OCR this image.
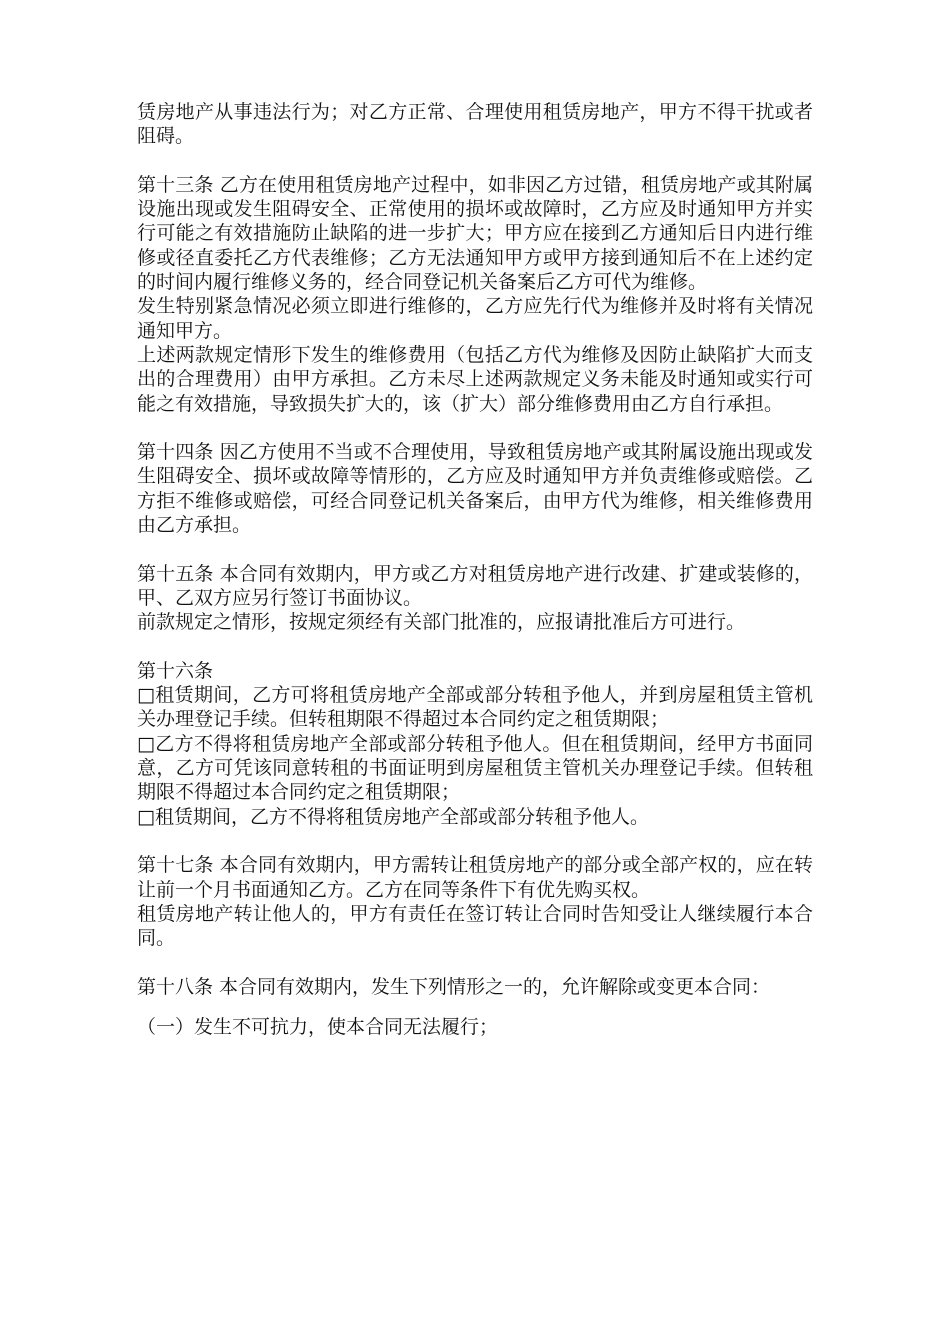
赁房地产从事违法行为；对乙方正常、合理使用租赁房地产，甲方不得干扰或者阻碍。

第十三条 乙方在使用租赁房地产过程中，如非因乙方过错，租赁房地产或其附属设施出现或发生阻碍安全、正常使用的损坏或故障时，乙方应及时通知甲方并实行可能之有效措施防止缺陷的进一步扩大；甲方应在接到乙方通知后日内进行维修或径直委托乙方代表维修；乙方无法通知甲方或甲方接到通知后不在上述约定的时间内履行维修义务的，经合同登记机关备案后乙方可代为维修。

发生特别紧急情况必须立即进行维修的，乙方应先行代为维修并及时将有关情况通知甲方。

上述两款规定情形下发生的维修费用（包括乙方代为维修及因防止缺陷扩大而支出的合理费用）由甲方承担。乙方未尽上述两款规定义务未能及时通知或实行可能之有效措施，导致损失扩大的，该（扩大）部分维修费用由乙方自行承担。

第十四条 因乙方使用不当或不合理使用，导致租赁房地产或其附属设施出现或发生阻碍安全、损坏或故障等情形的，乙方应及时通知甲方并负责维修或赔偿。乙方拒不维修或赔偿，可经合同登记机关备案后，由甲方代为维修，相关维修费用由乙方承担。

第十五条 本合同有效期内，甲方或乙方对租赁房地产进行改建、扩建或装修的，甲、乙双方应另行签订书面协议。

前款规定之情形，按规定须经有关部门批准的，应报请批准后方可进行。

第十六条

□租赁期间，乙方可将租赁房地产全部或部分转租予他人，并到房屋租赁主管机关办理登记手续。但转租期限不得超过本合同约定之租赁期限；

□乙方不得将租赁房地产全部或部分转租予他人。但在租赁期间，经甲方书面同意，乙方可凭该同意转租的书面证明到房屋租赁主管机关办理登记手续。但转租期限不得超过本合同约定之租赁期限；

□租赁期间，乙方不得将租赁房地产全部或部分转租予他人。

第十七条 本合同有效期内，甲方需转让租赁房地产的部分或全部产权的，应在转让前一个月书面通知乙方。乙方在同等条件下有优先购买权。

租赁房地产转让他人的，甲方有责任在签订转让合同时告知受让人继续履行本合同。

第十八条 本合同有效期内，发生下列情形之一的，允许解除或变更本合同：

（一）发生不可抗力，使本合同无法履行；
